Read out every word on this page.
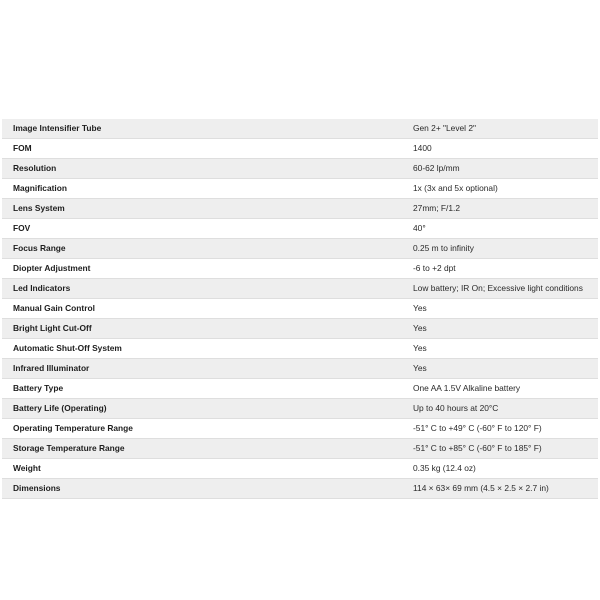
Image Intensifier Tube	Gen 2+ "Level 2"
FOM	1400
Resolution	60-62 lp/mm
Magnification	1x (3x and 5x optional)
Lens System	27mm; F/1.2
FOV	40°
Focus Range	0.25 m to infinity
Diopter Adjustment	-6 to +2 dpt
Led Indicators	Low battery; IR On; Excessive light conditions
Manual Gain Control	Yes
Bright Light Cut-Off	Yes
Automatic Shut-Off System	Yes
Infrared Illuminator	Yes
Battery Type	One AA 1.5V Alkaline battery
Battery Life (Operating)	Up to 40 hours at 20°C
Operating Temperature Range	-51° C to +49° C (-60° F to 120° F)
Storage Temperature Range	-51° C to +85° C (-60° F to 185° F)
Weight	0.35 kg (12.4 oz)
Dimensions	114 × 63× 69 mm (4.5 × 2.5 × 2.7 in)
